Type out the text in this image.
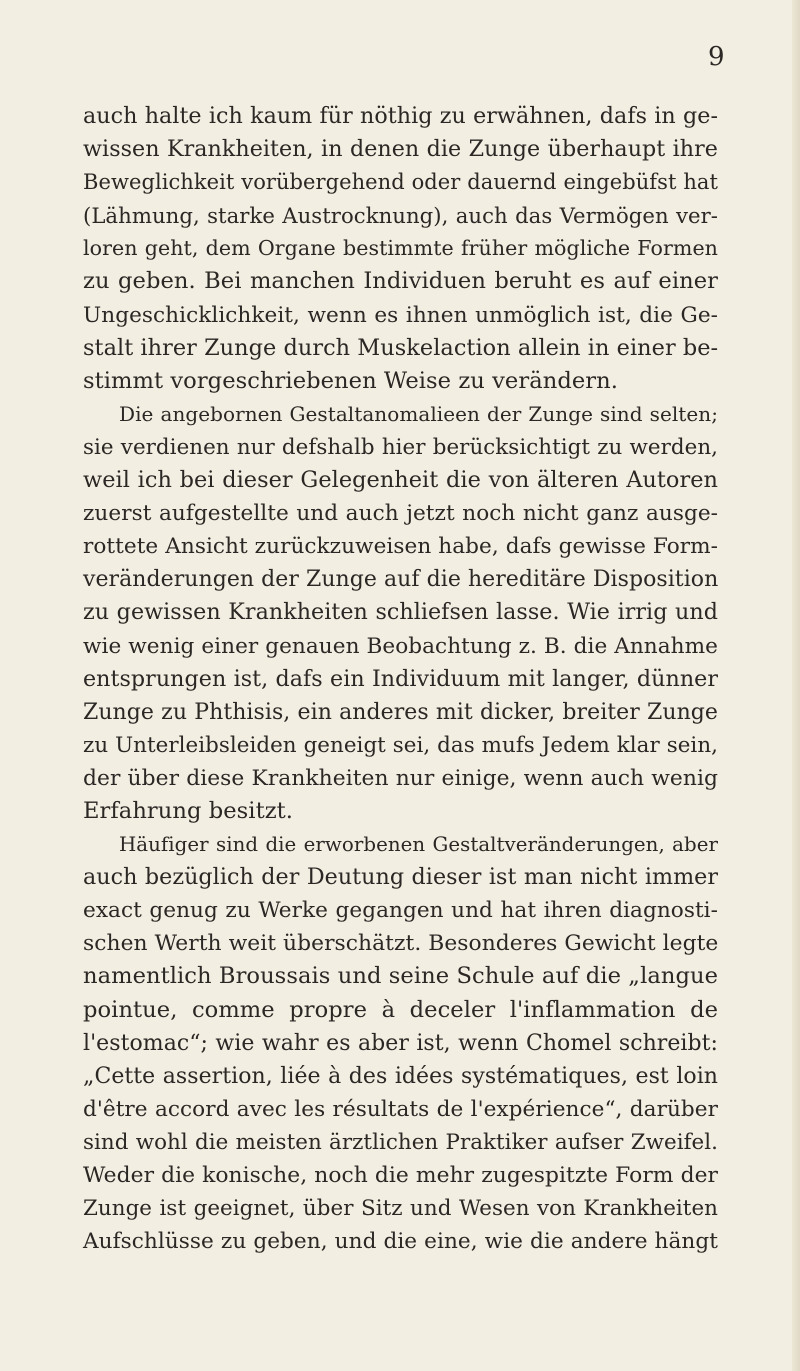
9
auch halte ich kaum für nöthig zu erwähnen, dafs in ge-
wissen Krankheiten, in denen die Zunge überhaupt ihre
Beweglichkeit vorübergehend oder dauernd eingebüfst hat
(Lähmung, starke Austrocknung), auch das Vermögen ver-
loren geht, dem Organe bestimmte früher mögliche Formen
zu geben. Bei manchen Individuen beruht es auf einer
Ungeschicklichkeit, wenn es ihnen unmöglich ist, die Ge-
stalt ihrer Zunge durch Muskelaction allein in einer be-
stimmt vorgeschriebenen Weise zu verändern.
Die angebornen Gestaltanomalieen der Zunge sind selten;
sie verdienen nur defshalb hier berücksichtigt zu werden,
weil ich bei dieser Gelegenheit die von älteren Autoren
zuerst aufgestellte und auch jetzt noch nicht ganz ausge-
rottete Ansicht zurückzuweisen habe, dafs gewisse Form-
veränderungen der Zunge auf die hereditäre Disposition
zu gewissen Krankheiten schliefsen lasse. Wie irrig und
wie wenig einer genauen Beobachtung z. B. die Annahme
entsprungen ist, dafs ein Individuum mit langer, dünner
Zunge zu Phthisis, ein anderes mit dicker, breiter Zunge
zu Unterleibsleiden geneigt sei, das mufs Jedem klar sein,
der über diese Krankheiten nur einige, wenn auch wenig
Erfahrung besitzt.
Häufiger sind die erworbenen Gestaltveränderungen, aber
auch bezüglich der Deutung dieser ist man nicht immer
exact genug zu Werke gegangen und hat ihren diagnosti-
schen Werth weit überschätzt. Besonderes Gewicht legte
namentlich Broussais und seine Schule auf die „langue
pointue, comme propre à deceler l'inflammation de
l'estomac“; wie wahr es aber ist, wenn Chomel schreibt:
„Cette assertion, liée à des idées systématiques, est loin
d'être accord avec les résultats de l'expérience“, darüber
sind wohl die meisten ärztlichen Praktiker aufser Zweifel.
Weder die konische, noch die mehr zugespitzte Form der
Zunge ist geeignet, über Sitz und Wesen von Krankheiten
Aufschlüsse zu geben, und die eine, wie die andere hängt
